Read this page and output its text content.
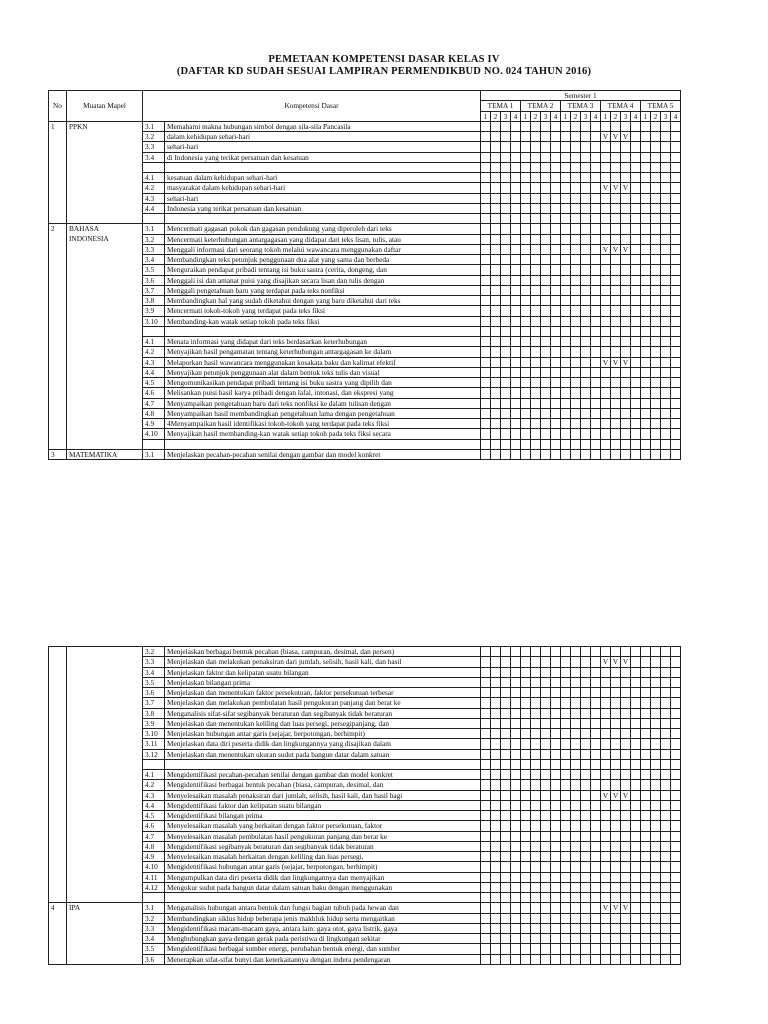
PEMETAAN KOMPETENSI DASAR KELAS IV
(DAFTAR KD SUDAH SESUAI LAMPIRAN PERMENDIKBUD NO. 024 TAHUN 2016)
No	Muatan Mapel	Kompetensi Dasar		Semester 1																			
				TEMA 1				TEMA 2				TEMA 3				TEMA 4				TEMA 5			
				1	2	3	4	1	2	3	4	1	2	3	4	1	2	3	4	1	2	3	4
1	PPKN	3.1	Memahami makna hubungan simbol dengan sila-sila Pancasila																				
		3.2	dalam kehidupan sehari-hari													V	V	V					
		3.3	sehari-hari																				
		3.4	di Indonesia yang terikat persatuan dan kesatuan																				

		4.1	kesatuan dalam kehidupan sehari-hari																				
		4.2	masyarakat dalam kehidupan sehari-hari													V	V	V					
		4.3	sehari-hari																				
		4.4	Indonesia yang terikat persatuan dan kesatuan																				

2	BAHASA	3.1	Mencermati gagasan pokok dan gagasan pendukung yang diperoleh dari teks																				
	INDONESIA	3.2	Mencermati keterhubungan antargagasan yang didapat dari teks lisan, tulis, atau																				
		3.3	Menggali informasi dari seorang tokoh melalui wawancara menggunakan daftar													V	V	V					
		3.4	Membandingkan teks petunjuk penggunaan dua alat yang sama dan berbeda																				
		3.5	Menguraikan pendapat pribadi tentang isi buku sastra (cerita, dongeng, dan																				
		3.6	Menggali isi dan amanat puisi yang disajikan secara lisan dan tulis dengan																				
		3.7	Menggali pengetahuan baru yang terdapat pada teks nonfiksi																				
		3.8	Membandingkan hal yang sudah diketahui dengan yang baru diketahui dari teks																				
		3.9	Mencermati tokoh-tokoh yang terdapat pada teks fiksi																				
		3.10	Membanding-kan watak setiap tokoh pada teks fiksi																				

		4.1	Menata informasi yang didapat dari teks berdasarkan keterhubungan																				
		4.2	Menyajikan hasil pengamatan tentang keterhubungan antargagasan ke dalam																				
		4.3	Melaporkan hasil wawancara menggunakan kosakata baku dan kalimat efektif													V	V	V					
		4.4	Menyajikan petunjuk penggunaan alat dalam bentuk teks tulis dan visual																				
		4.5	Mengomunikasikan pendapat pribadi tentang isi buku sastra yang dipilih dan																				
		4.6	Melisankan puisi hasil karya pribadi dengan lafal, intonasi, dan ekspresi yang																				
		4.7	Menyampaikan pengetahuan baru dari teks nonfiksi ke dalam tulisan dengan																				
		4.8	Menyampaikan hasil membandingkan pengetahuan lama dengan pengetahuan																				
		4.9	4Menyampaikan hasil identifikasi tokoh-tokoh yang terdapat pada teks fiksi																				
		4.10	Menyajikan hasil membanding-kan watak setiap tokoh pada teks fiksi secara																				

3	MATEMATIKA	3.1	Menjelaskan pecahan-pecahan senilai dengan gambar dan model konkret																				
		3.2	Menjelaskan berbagai bentuk pecahan (biasa, campuran, desimal, dan persen)																				
		3.3	Menjelaskan dan melakukan penaksiran dari jumlah, selisih, hasil kali, dan hasil													V	V	V					
		3.4	Menjelaskan faktor dan kelipatan suatu bilangan																				
		3.5	Menjelaskan bilangan prima																				
		3.6	Menjelaskan dan menentukan faktor persekutuan, faktor persekutuan terbesar																				
		3.7	Menjelaskan dan melakukan pembulatan hasil pengukuran panjang dan berat ke																				
		3.8	Menganalisis sifat-sifat segibanyak beraturan dan segibanyak tidak beraturan																				
		3.9	Menjelaskan dan menentukan keliling dan luas persegi, persegipanjang, dan																				
		3.10	Menjelaskan hubungan antar garis (sejajar, berpotongan, berhimpit)																				
		3.11	Menjelaskan data diri peserta didik dan lingkungannya yang disajikan dalam																				
		3.12	Menjelaskan dan menentukan ukuran sudut pada bangun datar dalam satuan																				

		4.1	Mengidentifikasi pecahan-pecahan senilai dengan gambar dan model konkret																				
		4.2	Mengidentifikasi berbagai bentuk pecahan (biasa, campuran, desimal, dan																				
		4.3	Menyelesaikan masalah penaksiran dari jumlah, selisih, hasil kali, dan hasil bagi													V	V	V					
		4.4	Mengidentifikasi faktor dan kelipatan suatu bilangan																				
		4.5	Mengidentifikasi bilangan prima																				
		4.6	Menyelesaikan masalah yang berkaitan dengan faktor persekutuan, faktor																				
		4.7	Menyelesaikan masalah pembulatan hasil pengukuran panjang dan berat ke																				
		4.8	Mengidentifikasi segibanyak beraturan dan segibanyak tidak beraturan																				
		4.9	Menyelesaikan masalah berkaitan dengan keliling dan luas persegi,																				
		4.10	Mengidentifikasi hubungan antar garis (sejajar, berpotongan, berhimpit)																				
		4.11	Mengumpulkan data diri peserta didik dan lingkungannya dan menyajikan																				
		4.12	Mengukur sudut pada bangun datar dalam satuan baku dengan menggunakan																				

4	IPA	3.1	Menganalisis hubungan antara bentuk dan fungsi bagian tubuh pada hewan dan													V	V	V					
		3.2	Membandingkan siklus hidup beberapa jenis makhluk hidup serta mengaitkan																				
		3.3	Mengidentifikasi macam-macam gaya, antara lain: gaya otot, gaya listrik, gaya																				
		3.4	Menghubungkan gaya dengan gerak pada peristiwa di lingkungan sekitar																				
		3.5	Mengidentifikasi berbagai sumber energi, perubahan bentuk energi, dan sumber																				
		3.6	Menerapkan sifat-sifat bunyi dan keterkaitannya dengan indera pendengaran																				
